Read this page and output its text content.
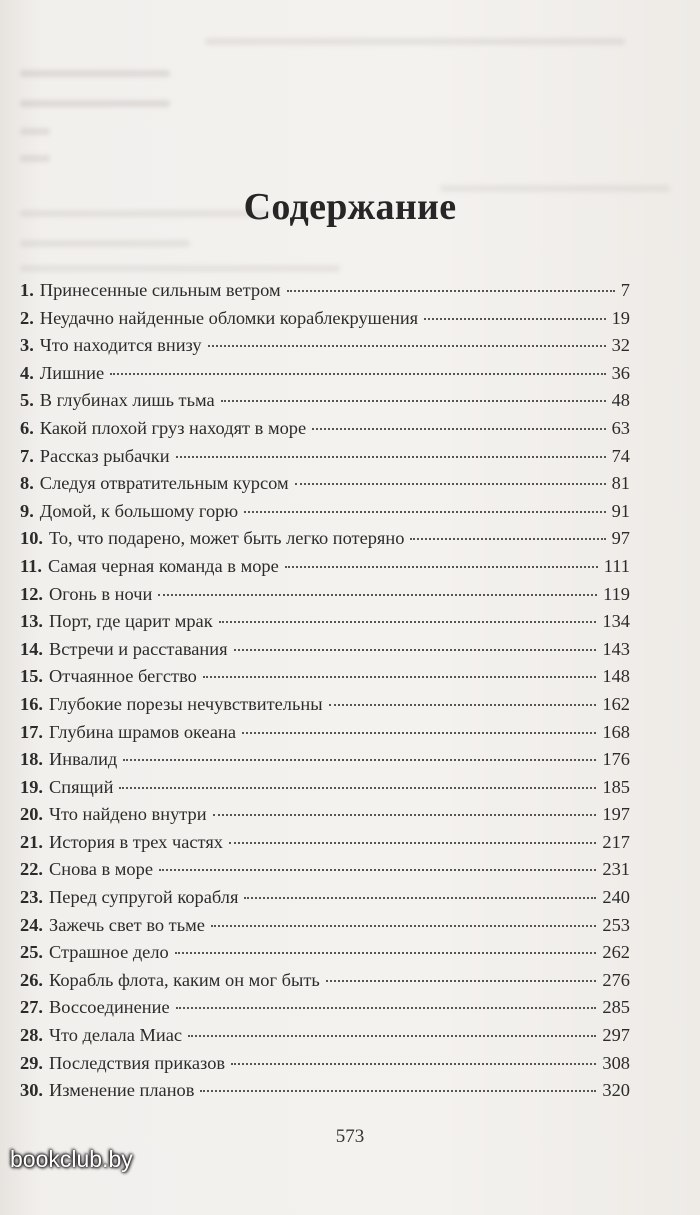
Содержание
1. Принесенные сильным ветром	7
2. Неудачно найденные обломки кораблекрушения	19
3. Что находится внизу	32
4. Лишние	36
5. В глубинах лишь тьма	48
6. Какой плохой груз находят в море	63
7. Рассказ рыбачки	74
8. Следуя отвратительным курсом	81
9. Домой, к большому горю	91
10. То, что подарено, может быть легко потеряно	97
11. Самая черная команда в море	111
12. Огонь в ночи	119
13. Порт, где царит мрак	134
14. Встречи и расставания	143
15. Отчаянное бегство	148
16. Глубокие порезы нечувствительны	162
17. Глубина шрамов океана	168
18. Инвалид	176
19. Спящий	185
20. Что найдено внутри	197
21. История в трех частях	217
22. Снова в море	231
23. Перед супругой корабля	240
24. Зажечь свет во тьме	253
25. Страшное дело	262
26. Корабль флота, каким он мог быть	276
27. Воссоединение	285
28. Что делала Миас	297
29. Последствия приказов	308
30. Изменение планов	320
573
bookclub.by
